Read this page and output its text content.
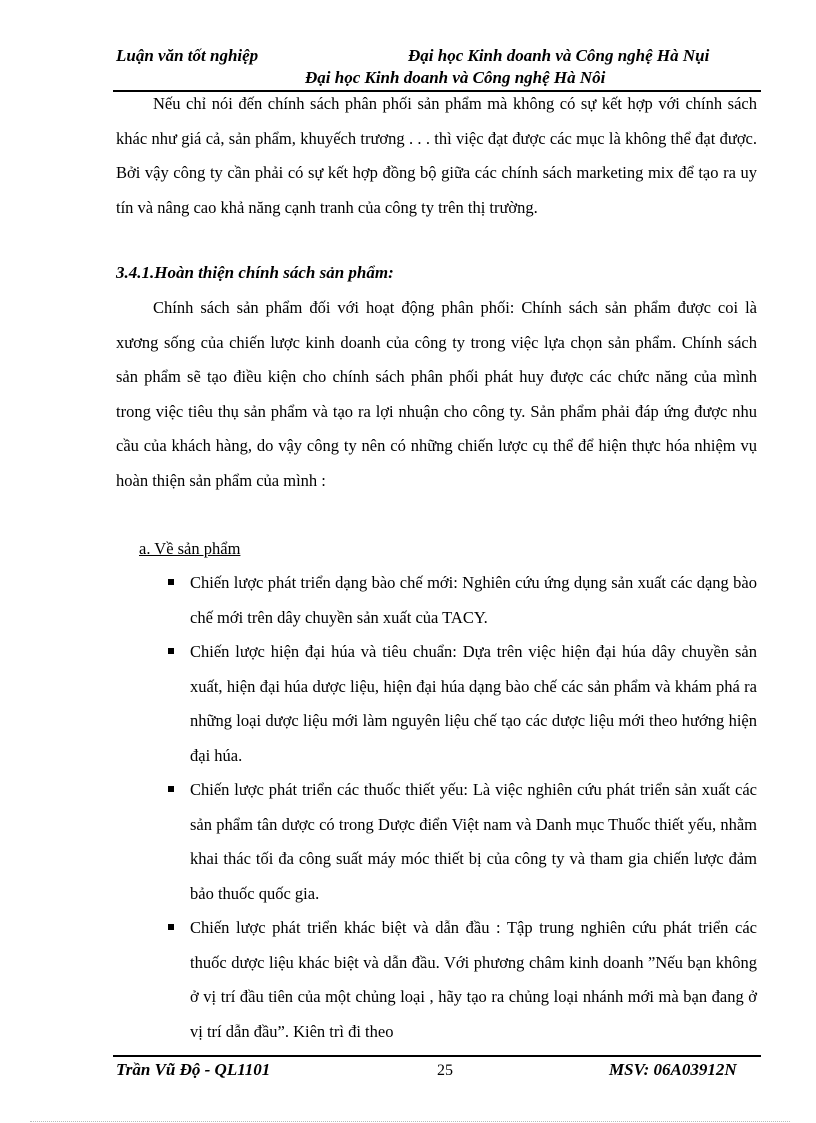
Luận văn tốt nghiệp	Đại học Kinh doanh và Công nghệ Hà Nụi
Đại học Kinh doanh và Công nghệ Hà Nôi

Nếu chỉ nói đến chính sách phân phối sản phẩm mà không có sự kết hợp với chính sách khác như giá cả, sản phẩm, khuyếch trương . . . thì việc đạt được các mục là không thể đạt được. Bởi vậy công ty cần phải có sự kết hợp đồng bộ giữa các chính sách marketing mix để tạo ra uy tín và nâng cao khả năng cạnh tranh của công ty trên thị trường.

3.4.1.Hoàn thiện chính sách sản phẩm:

Chính sách sản phẩm đối với hoạt động phân phối: Chính sách sản phẩm được coi là xương sống của chiến lược kinh doanh của công ty trong việc lựa chọn sản phẩm. Chính sách sản phẩm sẽ tạo điều kiện cho chính sách phân phối phát huy được các chức năng của mình trong việc tiêu thụ sản phẩm và tạo ra lợi nhuận cho công ty. Sản phẩm phải đáp ứng được nhu cầu của khách hàng, do vậy công ty nên có những chiến lược cụ thể để hiện thực hóa nhiệm vụ hoàn thiện sản phẩm của mình :

a. Về sản phẩm

Chiến lược phát triển dạng bào chế mới: Nghiên cứu ứng dụng sản xuất các dạng bào chế mới trên dây chuyền sản xuất của TACY.

Chiến lược hiện đại húa và tiêu chuẩn: Dựa trên việc hiện đại húa dây chuyền sản xuất, hiện đại húa dược liệu, hiện đại húa dạng bào chế các sản phẩm và khám phá ra những loại dược liệu mới làm nguyên liệu chế tạo các dược liệu mới theo hướng hiện đại húa.

Chiến lược phát triển các thuốc thiết yếu: Là việc nghiên cứu phát triển sản xuất các sản phẩm tân dược có trong Dược điển Việt nam và Danh mục Thuốc thiết yếu, nhằm khai thác tối đa công suất máy móc thiết bị của công ty và tham gia chiến lược đảm bảo thuốc quốc gia.

Chiến lược phát triển khác biệt và dẫn đầu : Tập trung nghiên cứu phát triển các thuốc dược liệu khác biệt và dẫn đầu. Với phương châm kinh doanh ”Nếu bạn không ở vị trí đầu tiên của một chủng loại , hãy tạo ra chủng loại nhánh mới mà bạn đang ở vị trí dẫn đầu”. Kiên trì đi theo

Trần Vũ Độ - QL1101	25	MSV: 06A03912N
